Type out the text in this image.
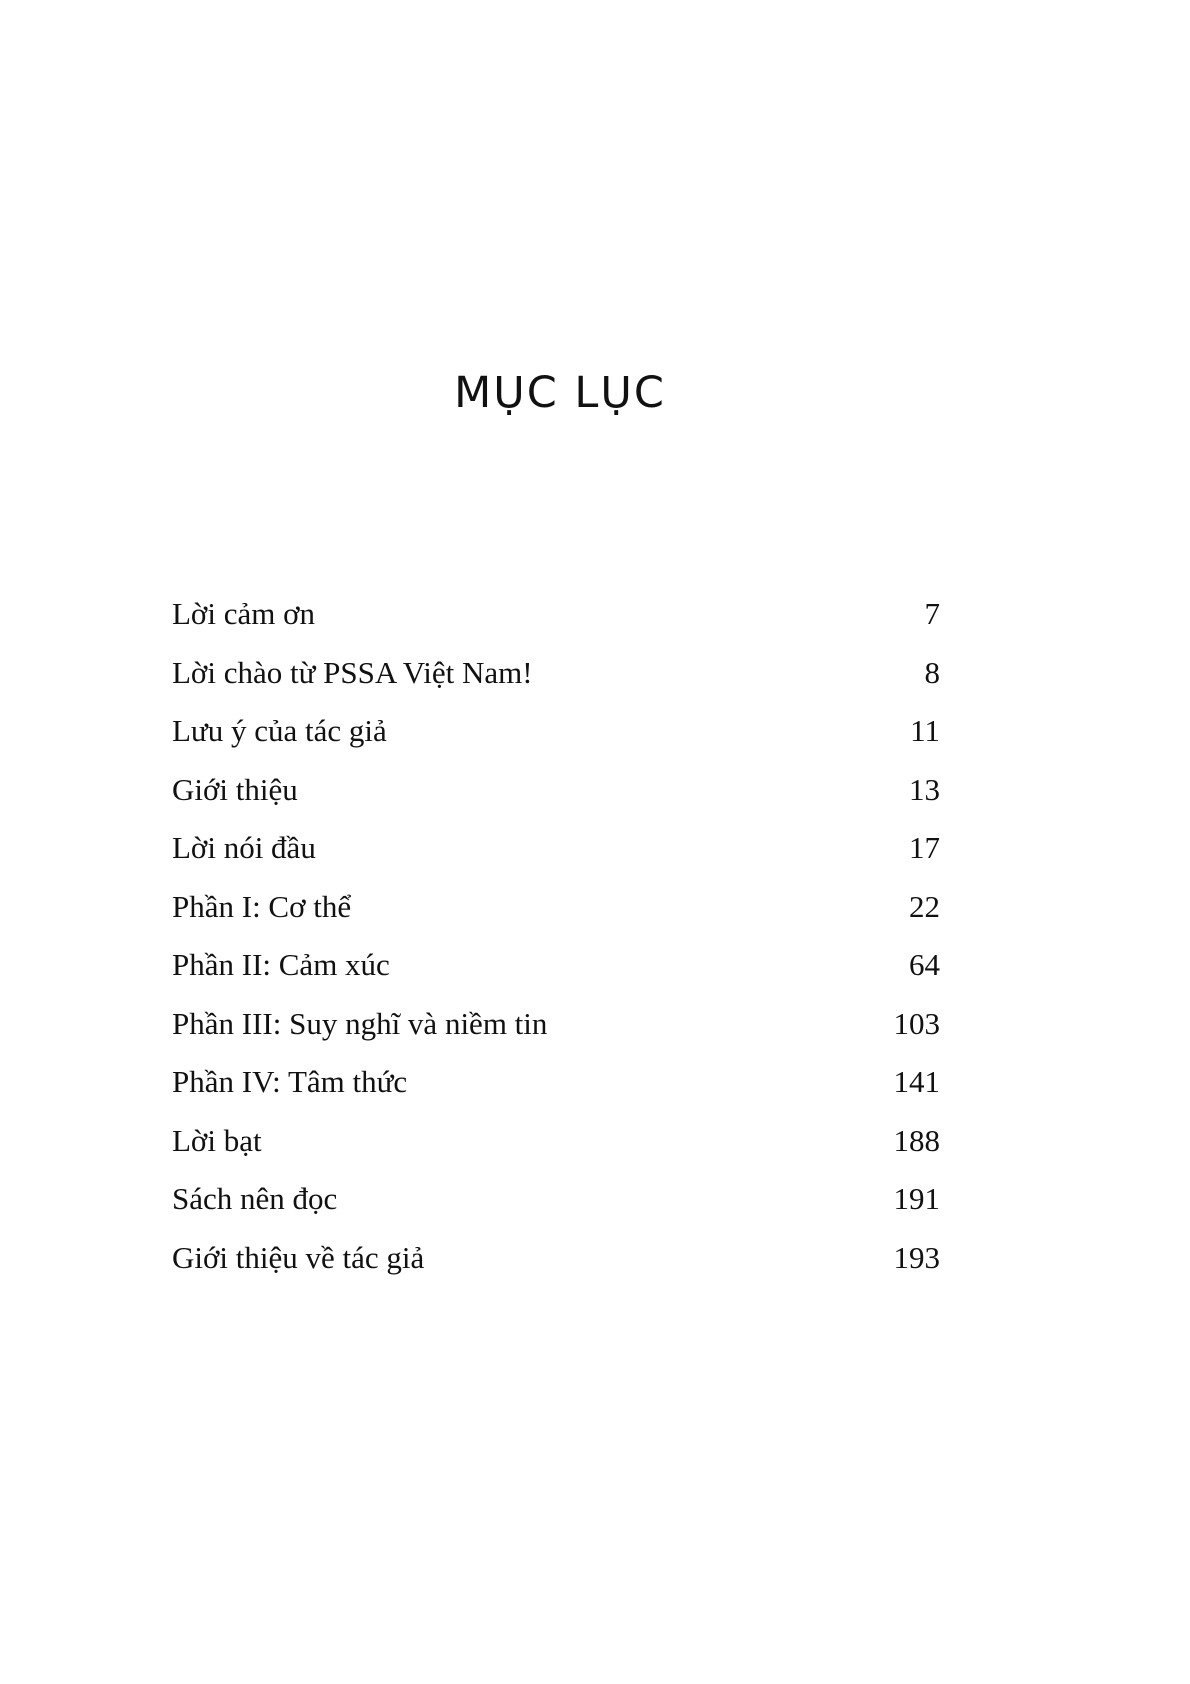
MỤC LỤC
Lời cảm ơn	7
Lời chào từ PSSA Việt Nam!	8
Lưu ý của tác giả	11
Giới thiệu	13
Lời nói đầu	17
Phần I: Cơ thể	22
Phần II: Cảm xúc	64
Phần III: Suy nghĩ và niềm tin	103
Phần IV: Tâm thức	141
Lời bạt	188
Sách nên đọc	191
Giới thiệu về tác giả	193
